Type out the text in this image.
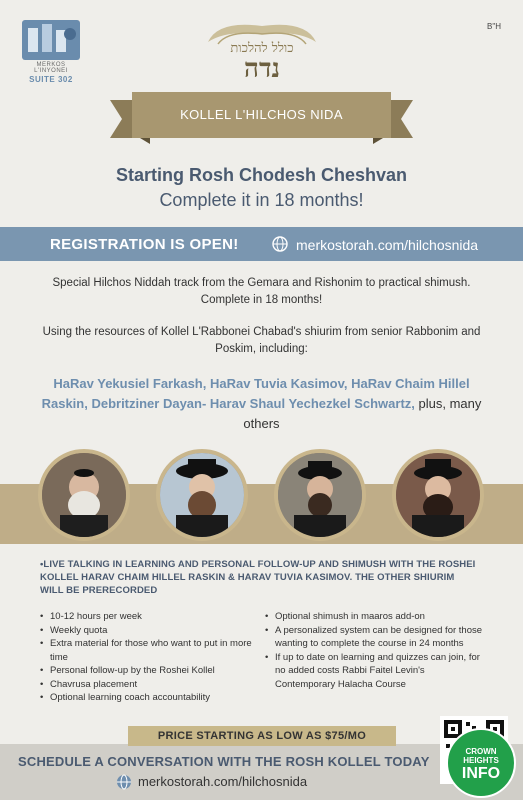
MERKOS L'INYONEI
SUITE 302
B"H
כולל להלכות
נדה
KOLLEL L'HILCHOS NIDA
Starting Rosh Chodesh Cheshvan
Complete it in 18 months!
REGISTRATION IS OPEN!	merkostorah.com/hilchosnida
Special Hilchos Niddah track from the Gemara and Rishonim to practical shimush. Complete in 18 months!
Using the resources of Kollel L'Rabbonei Chabad's shiurim from senior Rabbonim and Poskim, including:
HaRav Yekusiel Farkash, HaRav Tuvia Kasimov, HaRav Chaim Hillel Raskin, Debritziner Dayan- Harav Shaul Yechezkel Schwartz, plus, many others
•LIVE TALKING IN LEARNING AND PERSONAL FOLLOW-UP AND SHIMUSH WITH THE ROSHEI KOLLEL HARAV CHAIM HILLEL RASKIN & HARAV TUVIA KASIMOV. THE OTHER SHIURIM WILL BE PRERECORDED
• 10-12 hours per week
• Weekly quota
• Extra material for those who want to put in more time
• Personal follow-up by the Roshei Kollel
• Chavrusa placement
• Optional learning coach accountability
• Optional shimush in maaros add-on
• A personalized system can be designed for those wanting to complete the course in 24 months
• If up to date on learning and quizzes can join, for no added costs Rabbi Faitel Levin's Contemporary Halacha Course
PRICE STARTING AS LOW AS $75/MO
SCHEDULE A CONVERSATION WITH THE ROSH KOLLEL TODAY
merkostorah.com/hilchosnida
CROWN HEIGHTS
INFO
